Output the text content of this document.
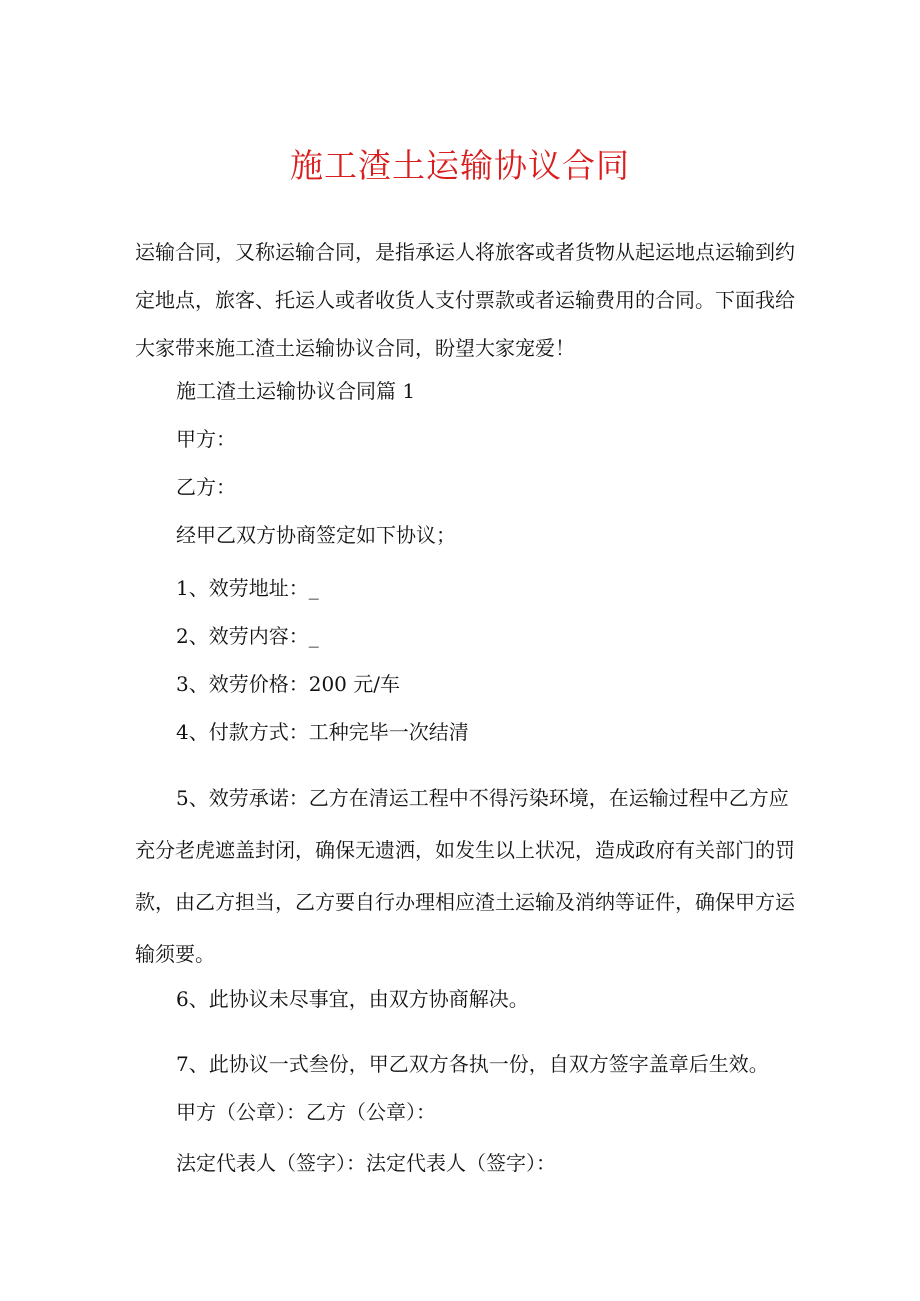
施工渣土运输协议合同
运输合同，又称运输合同，是指承运人将旅客或者货物从起运地点运输到约定地点，旅客、托运人或者收货人支付票款或者运输费用的合同。下面我给大家带来施工渣土运输协议合同，盼望大家宠爱！
施工渣土运输协议合同篇 1
甲方：
乙方：
经甲乙双方协商签定如下协议；
1、效劳地址：_
2、效劳内容：_
3、效劳价格：200 元/车
4、付款方式：工种完毕一次结清
5、效劳承诺：乙方在清运工程中不得污染环境，在运输过程中乙方应充分老虎遮盖封闭，确保无遗洒，如发生以上状况，造成政府有关部门的罚款，由乙方担当，乙方要自行办理相应渣土运输及消纳等证件，确保甲方运输须要。
6、此协议未尽事宜，由双方协商解决。
7、此协议一式叁份，甲乙双方各执一份，自双方签字盖章后生效。
甲方（公章）：乙方（公章）：
法定代表人（签字）：法定代表人（签字）：
